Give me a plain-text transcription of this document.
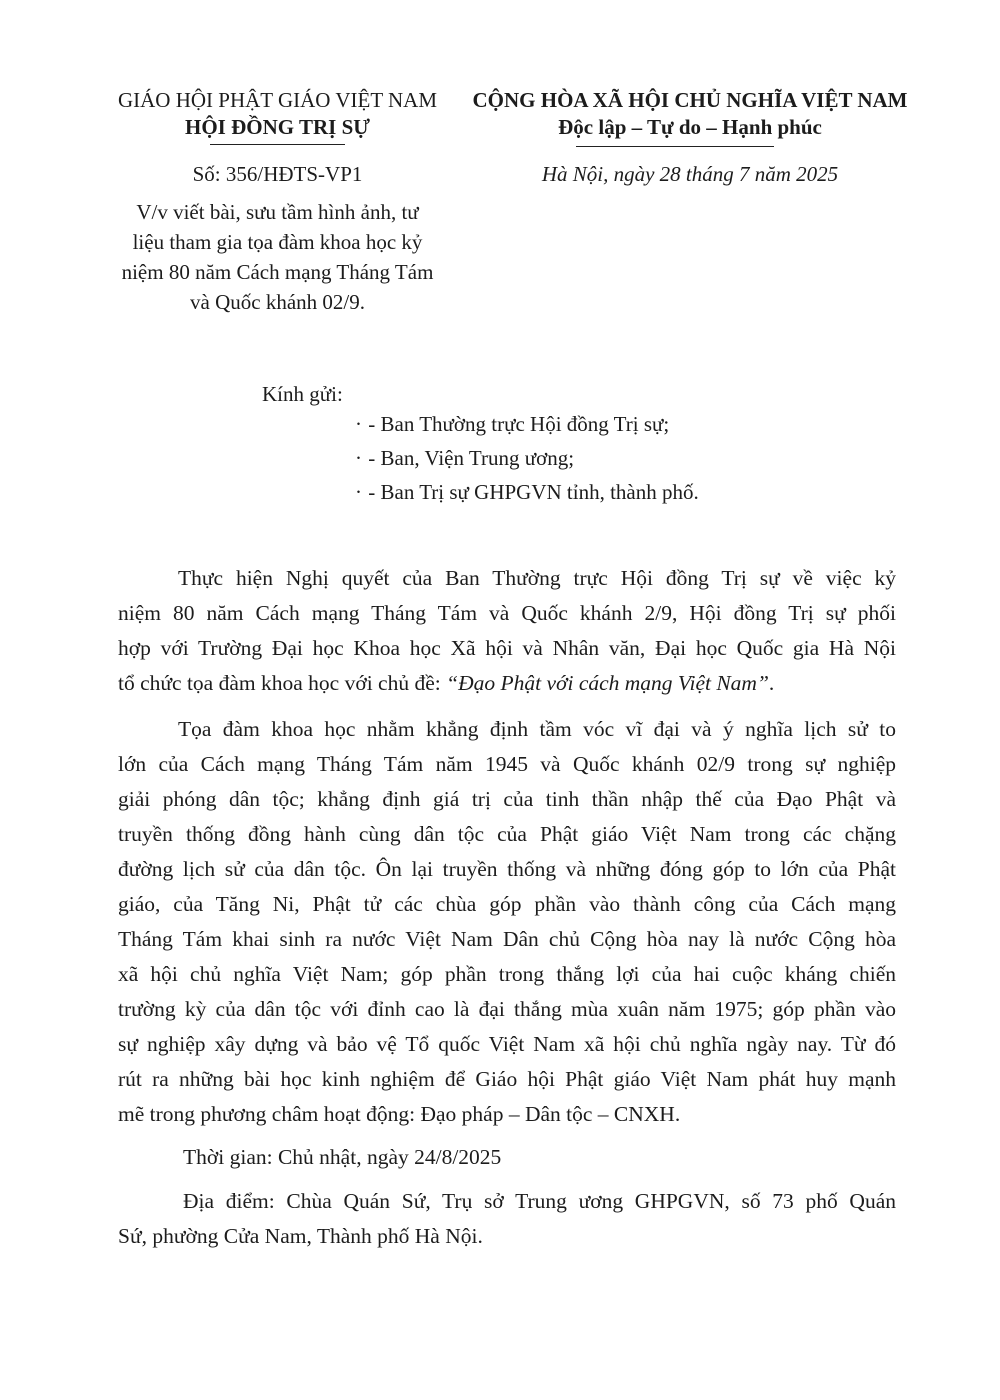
GIÁO HỘI PHẬT GIÁO VIỆT NAM
HỘI ĐỒNG TRỊ SỰ
CỘNG HÒA XÃ HỘI CHỦ NGHĨA VIỆT NAM
Độc lập – Tự do – Hạnh phúc
Số: 356/HĐTS-VP1	Hà Nội, ngày 28 tháng 7 năm 2025
V/v viết bài, sưu tầm hình ảnh, tư
liệu tham gia tọa đàm khoa học kỷ
niệm 80 năm Cách mạng Tháng Tám
và Quốc khánh 02/9.
Kính gửi:
· - Ban Thường trực Hội đồng Trị sự;
· - Ban, Viện Trung ương;
· - Ban Trị sự GHPGVN tỉnh, thành phố.
Thực hiện Nghị quyết của Ban Thường trực Hội đồng Trị sự về việc kỷ
niệm 80 năm Cách mạng Tháng Tám và Quốc khánh 2/9, Hội đồng Trị sự phối
hợp với Trường Đại học Khoa học Xã hội và Nhân văn, Đại học Quốc gia Hà Nội
tổ chức tọa đàm khoa học với chủ đề: “Đạo Phật với cách mạng Việt Nam”.
Tọa đàm khoa học nhằm khẳng định tầm vóc vĩ đại và ý nghĩa lịch sử to
lớn của Cách mạng Tháng Tám năm 1945 và Quốc khánh 02/9 trong sự nghiệp
giải phóng dân tộc; khẳng định giá trị của tinh thần nhập thế của Đạo Phật và
truyền thống đồng hành cùng dân tộc của Phật giáo Việt Nam trong các chặng
đường lịch sử của dân tộc. Ôn lại truyền thống và những đóng góp to lớn của Phật
giáo, của Tăng Ni, Phật tử các chùa góp phần vào thành công của Cách mạng
Tháng Tám khai sinh ra nước Việt Nam Dân chủ Cộng hòa nay là nước Cộng hòa
xã hội chủ nghĩa Việt Nam; góp phần trong thắng lợi của hai cuộc kháng chiến
trường kỳ của dân tộc với đỉnh cao là đại thắng mùa xuân năm 1975; góp phần vào
sự nghiệp xây dựng và bảo vệ Tổ quốc Việt Nam xã hội chủ nghĩa ngày nay. Từ đó
rút ra những bài học kinh nghiệm để Giáo hội Phật giáo Việt Nam phát huy mạnh
mẽ trong phương châm hoạt động: Đạo pháp – Dân tộc – CNXH.
Thời gian: Chủ nhật, ngày 24/8/2025
Địa điểm: Chùa Quán Sứ, Trụ sở Trung ương GHPGVN, số 73 phố Quán
Sứ, phường Cửa Nam, Thành phố Hà Nội.
